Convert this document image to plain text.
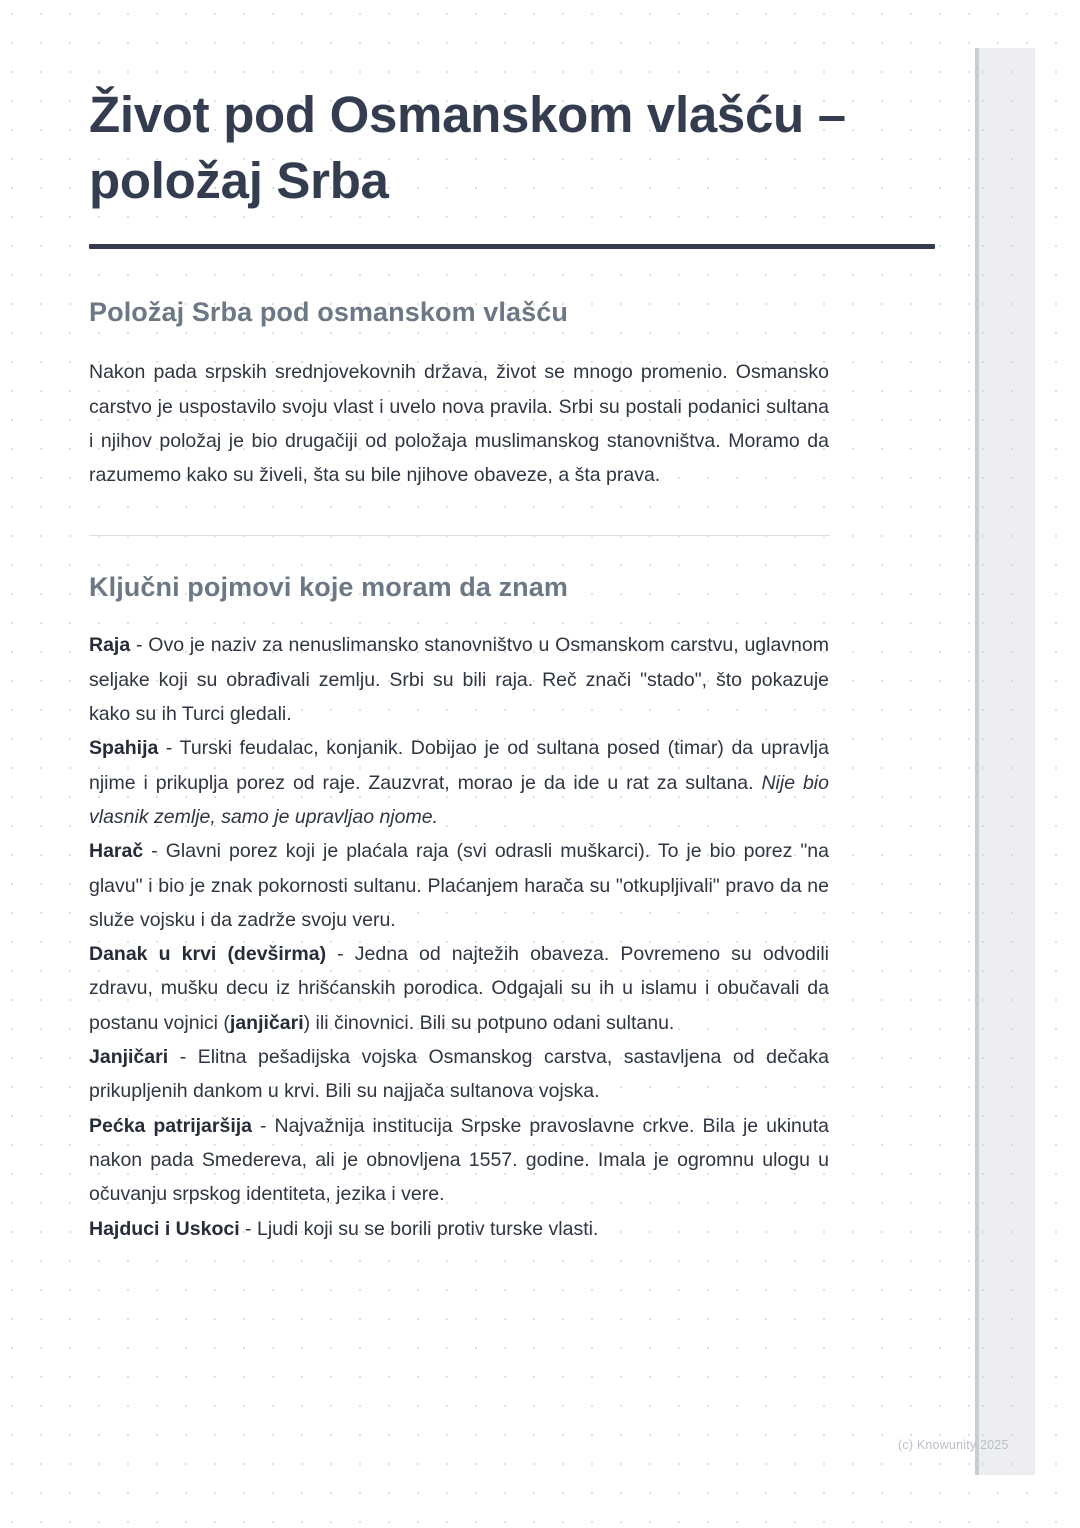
Život pod Osmanskom vlašću – položaj Srba
Položaj Srba pod osmanskom vlašću

Nakon pada srpskih srednjovekovnih država, život se mnogo promenio. Osmansko carstvo je uspostavilo svoju vlast i uvelo nova pravila. Srbi su postali podanici sultana i njihov položaj je bio drugačiji od položaja muslimanskog stanovništva. Moramo da razumemo kako su živeli, šta su bile njihove obaveze, a šta prava.

Ključni pojmovi koje moram da znam

Raja - Ovo je naziv za nenuslimansko stanovništvo u Osmanskom carstvu, uglavnom seljake koji su obrađivali zemlju. Srbi su bili raja. Reč znači "stado", što pokazuje kako su ih Turci gledali.

Spahija - Turski feudalac, konjanik. Dobijao je od sultana posed (timar) da upravlja njime i prikuplja porez od raje. Zauzvrat, morao je da ide u rat za sultana. Nije bio vlasnik zemlje, samo je upravljao njome.

Harač - Glavni porez koji je plaćala raja (svi odrasli muškarci). To je bio porez "na glavu" i bio je znak pokornosti sultanu. Plaćanjem harača su "otkupljivali" pravo da ne služe vojsku i da zadrže svoju veru.

Danak u krvi (devširma) - Jedna od najtežih obaveza. Povremeno su odvodili zdravu, mušku decu iz hrišćanskih porodica. Odgajali su ih u islamu i obučavali da postanu vojnici (janjičari) ili činovnici. Bili su potpuno odani sultanu.

Janjičari - Elitna pešadijska vojska Osmanskog carstva, sastavljena od dečaka prikupljenih dankom u krvi. Bili su najjača sultanova vojska.

Pećka patrijaršija - Najvažnija institucija Srpske pravoslavne crkve. Bila je ukinuta nakon pada Smedereva, ali je obnovljena 1557. godine. Imala je ogromnu ulogu u očuvanju srpskog identiteta, jezika i vere.

Hajduci i Uskoci - Ljudi koji su se borili protiv turske vlasti.

(c) Knowunity 2025
